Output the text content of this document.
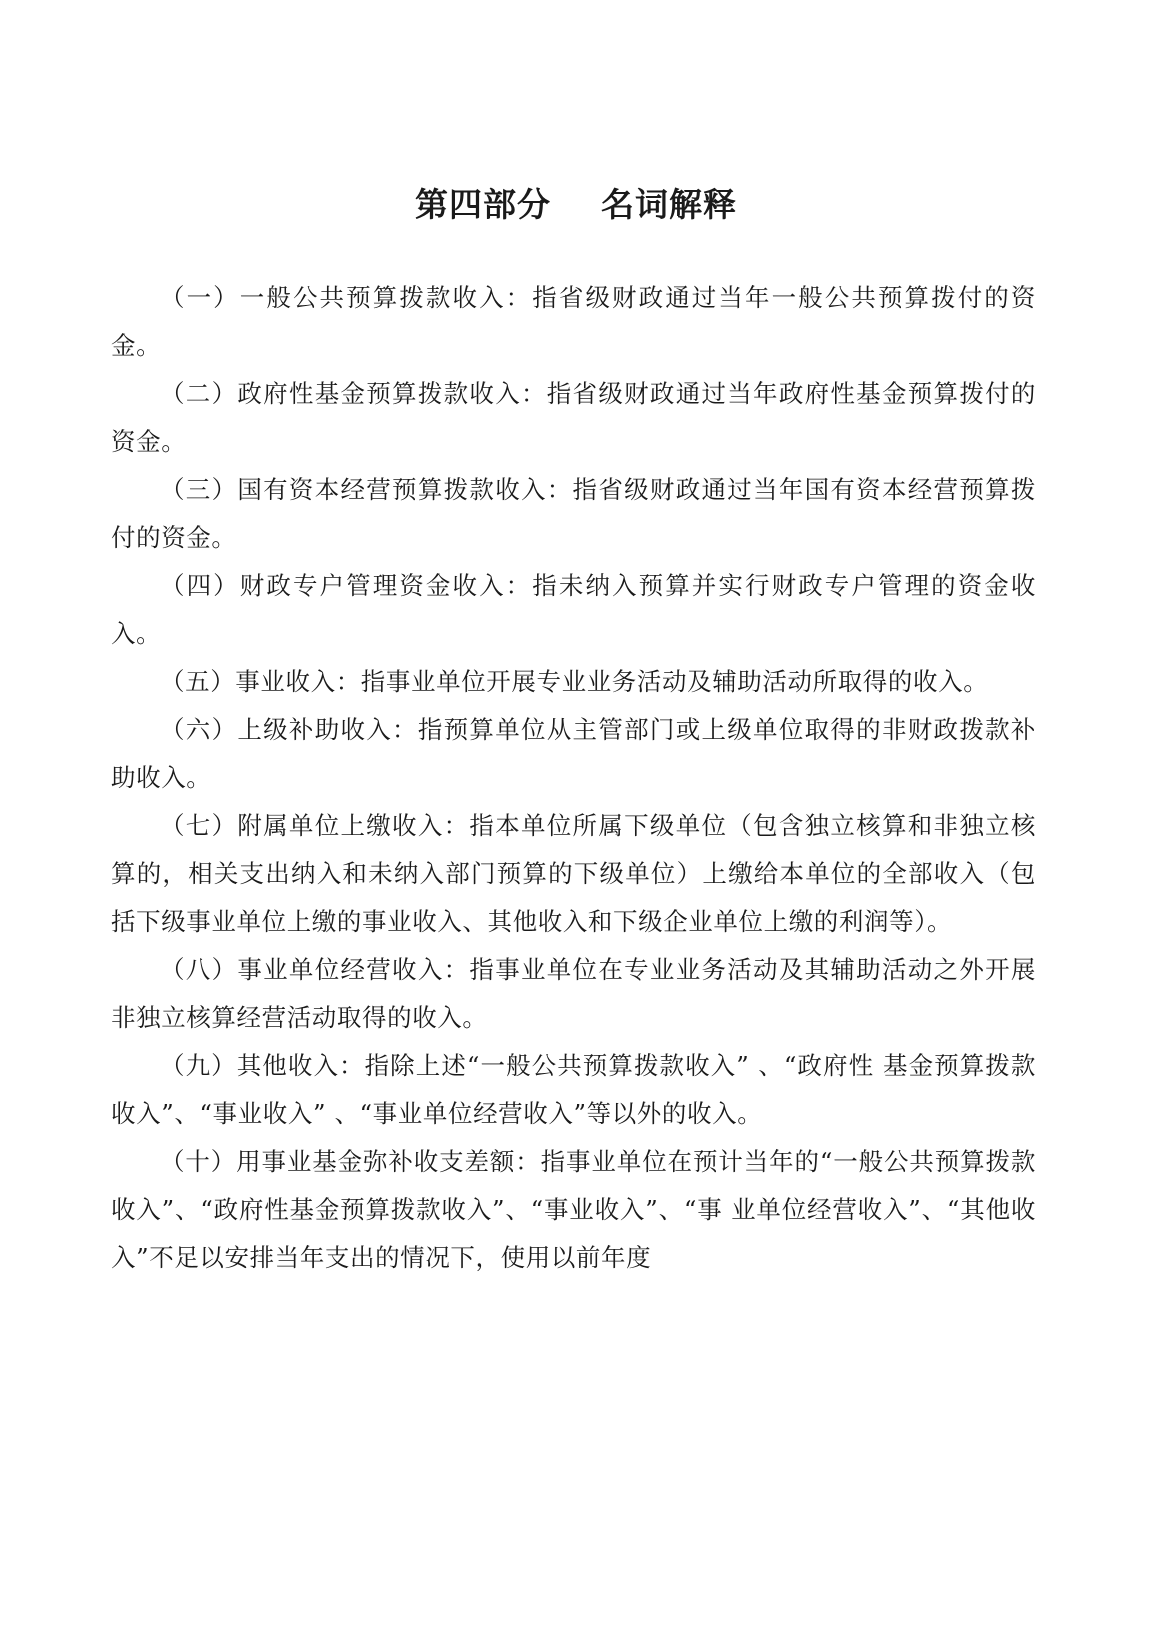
第四部分    名词解释

（一）一般公共预算拨款收入：指省级财政通过当年一般公共预算拨付的资金。

（二）政府性基金预算拨款收入：指省级财政通过当年政府性基金预算拨付的资金。

（三）国有资本经营预算拨款收入：指省级财政通过当年国有资本经营预算拨付的资金。

（四）财政专户管理资金收入：指未纳入预算并实行财政专户管理的资金收入。

（五）事业收入：指事业单位开展专业业务活动及辅助活动所取得的收入。

（六）上级补助收入：指预算单位从主管部门或上级单位取得的非财政拨款补助收入。

（七）附属单位上缴收入：指本单位所属下级单位（包含独立核算和非独立核算的，相关支出纳入和未纳入部门预算的下级单位）上缴给本单位的全部收入（包括下级事业单位上缴的事业收入、其他收入和下级企业单位上缴的利润等）。

（八）事业单位经营收入：指事业单位在专业业务活动及其辅助活动之外开展非独立核算经营活动取得的收入。

（九）其他收入：指除上述“一般公共预算拨款收入” 、“政府性 基金预算拨款收入”、“事业收入” 、“事业单位经营收入”等以外的收入。

（十）用事业基金弥补收支差额：指事业单位在预计当年的“一般公共预算拨款收入”、“政府性基金预算拨款收入”、“事业收入”、“事 业单位经营收入”、“其他收入”不足以安排当年支出的情况下，使用以前年度
